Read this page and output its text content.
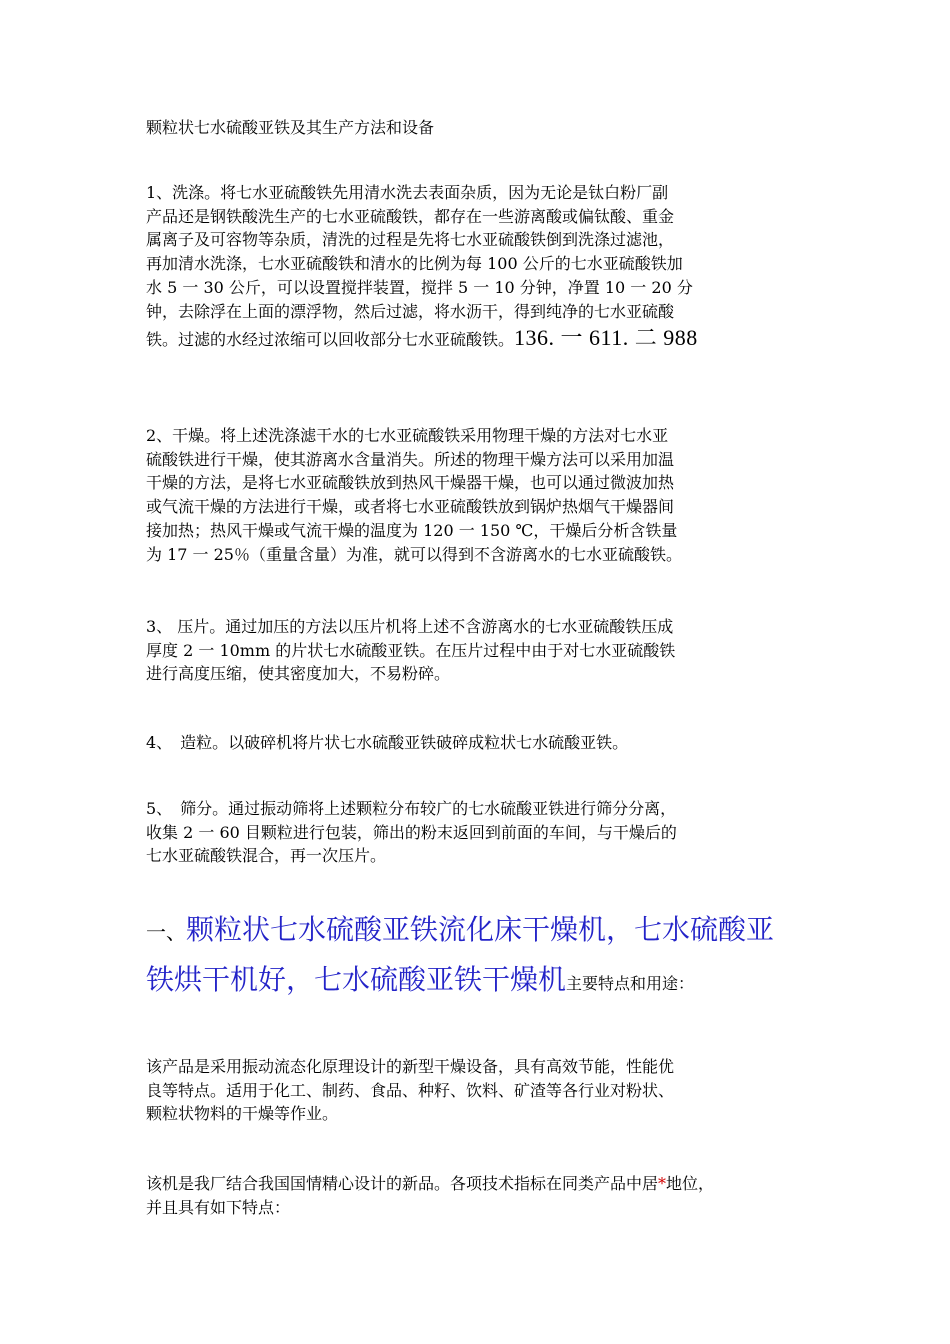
颗粒状七水硫酸亚铁及其生产方法和设备
1、洗涤。将七水亚硫酸铁先用清水洗去表面杂质，因为无论是钛白粉厂副
产品还是钢铁酸洗生产的七水亚硫酸铁，都存在一些游离酸或偏钛酸、重金
属离子及可容物等杂质，清洗的过程是先将七水亚硫酸铁倒到洗涤过滤池，
再加清水洗涤，七水亚硫酸铁和清水的比例为每 100 公斤的七水亚硫酸铁加
水 5 一 30 公斤，可以设置搅拌装置，搅拌 5 一 10 分钟，净置 10 一 20 分
钟，去除浮在上面的漂浮物，然后过滤，将水沥干，得到纯净的七水亚硫酸
铁。过滤的水经过浓缩可以回收部分七水亚硫酸铁。136. 一 611. 二 988
2、干燥。将上述洗涤滤干水的七水亚硫酸铁采用物理干燥的方法对七水亚
硫酸铁进行干燥，使其游离水含量消失。所述的物理干燥方法可以采用加温
干燥的方法，是将七水亚硫酸铁放到热风干燥器干燥，也可以通过微波加热
或气流干燥的方法进行干燥，或者将七水亚硫酸铁放到锅炉热烟气干燥器间
接加热；热风干燥或气流干燥的温度为 120 一 150 ℃，干燥后分析含铁量
为 17 一 25％（重量含量）为准，就可以得到不含游离水的七水亚硫酸铁。
3、 压片。通过加压的方法以压片机将上述不含游离水的七水亚硫酸铁压成
厚度 2 一 10mm 的片状七水硫酸亚铁。在压片过程中由于对七水亚硫酸铁
进行高度压缩，使其密度加大，不易粉碎。
4、　造粒。以破碎机将片状七水硫酸亚铁破碎成粒状七水硫酸亚铁。
5、　筛分。通过振动筛将上述颗粒分布较广的七水硫酸亚铁进行筛分分离，
收集 2 一 60 目颗粒进行包装，筛出的粉末返回到前面的车间，与干燥后的
七水亚硫酸铁混合，再一次压片。
一、颗粒状七水硫酸亚铁流化床干燥机，七水硫酸亚
铁烘干机好，七水硫酸亚铁干燥机主要特点和用途：
该产品是采用振动流态化原理设计的新型干燥设备，具有高效节能，性能优
良等特点。适用于化工、制药、食品、种籽、饮料、矿渣等各行业对粉状、
颗粒状物料的干燥等作业。
该机是我厂结合我国国情精心设计的新品。各项技术指标在同类产品中居*地位，
并且具有如下特点：
